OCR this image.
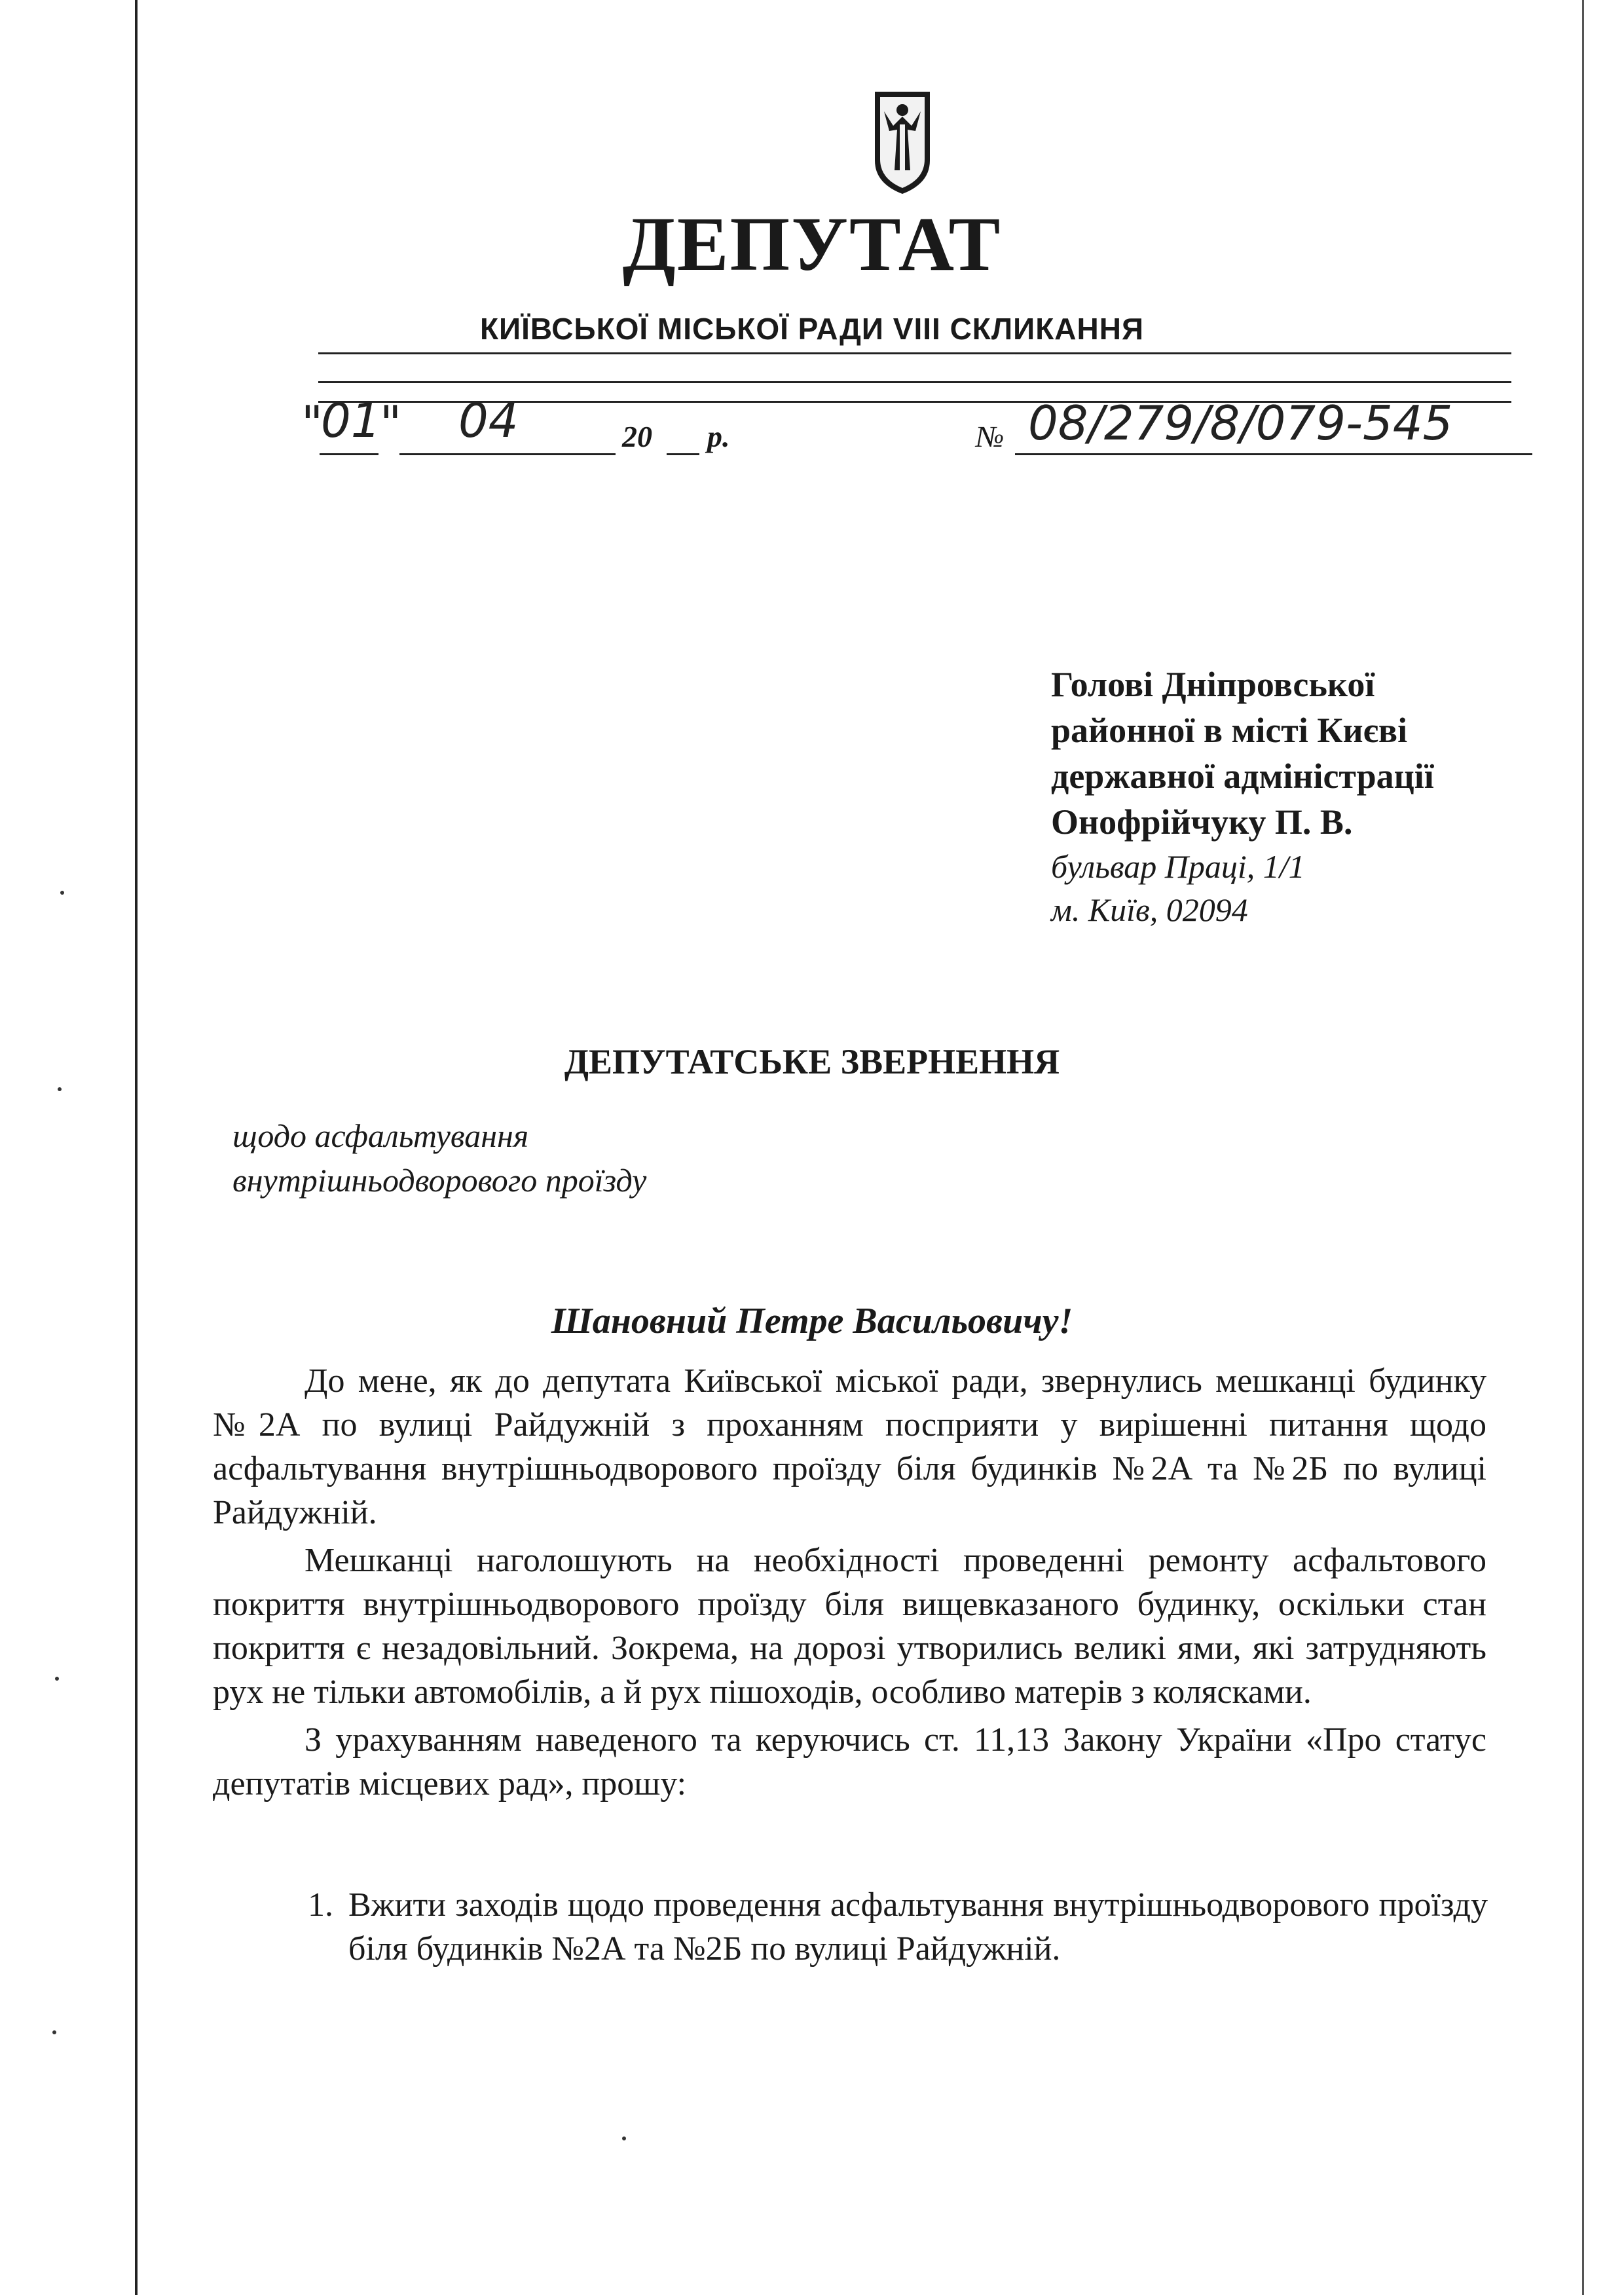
ДЕПУТАТ
КИЇВСЬКОЇ МІСЬКОЇ РАДИ VIII СКЛИКАННЯ
"
01
" 04	20 р.	№ 08/279/8/079-545
Голові Дніпровської
районної в місті Києві
державної адміністрації
Онофрійчуку П. В.
бульвар Праці, 1/1
м. Київ, 02094
ДЕПУТАТСЬКЕ ЗВЕРНЕННЯ
щодо асфальтування
внутрішньодворового проїзду
Шановний Петре Васильовичу!

До мене, як до депутата Київської міської ради, звернулись мешканці будинку №2А по вулиці Райдужній з проханням посприяти у вирішенні питання щодо асфальтування внутрішньодворового проїзду біля будинків №2А та №2Б по вулиці Райдужній.

Мешканці наголошують на необхідності проведенні ремонту асфальтового покриття внутрішньодворового проїзду біля вищевказаного будинку, оскільки стан покриття є незадовільний. Зокрема, на дорозі утворились великі ями, які затрудняють рух не тільки автомобілів, а й рух пішоходів, особливо матерів з колясками.

З урахуванням наведеного та керуючись ст. 11,13 Закону України «Про статус депутатів місцевих рад», прошу:

1. Вжити заходів щодо проведення асфальтування внутрішньодворового проїзду біля будинків №2А та №2Б по вулиці Райдужній.
